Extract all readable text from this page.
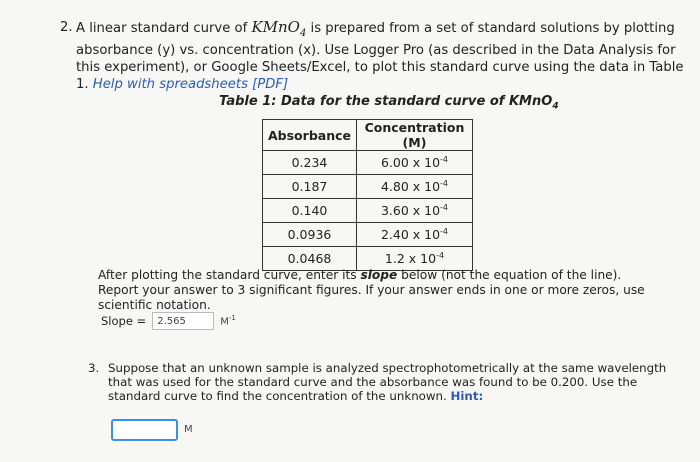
2. A linear standard curve of KMnO$_4$ is prepared from a set of standard solutions by plotting absorbance (y) vs. concentration (x). Use Logger Pro (as described in the Data Analysis for this experiment), or Google Sheets/Excel, to plot this standard curve using the data in Table 1. Help with spreadsheets [PDF]
Table 1: Data for the standard curve of KMnO$_4$
Absorbance	Concentration (M)
0.234	6.00 x $10^{-4}$
0.187	4.80 x $10^{-4}$
0.140	3.60 x $10^{-4}$
0.0936	2.40 x $10^{-4}$
0.0468	1.2 x $10^{-4}$
After plotting the standard curve, enter its slope below (not the equation of the line). Report your answer to 3 significant figures. If your answer ends in one or more zeros, use scientific notation.
Slope =
2.565	$M^{-1}$
3. Suppose that an unknown sample is analyzed spectrophotometrically at the same wavelength that was used for the standard curve and the absorbance was found to be 0.200. Use the standard curve to find the concentration of the unknown. Hint:
M
